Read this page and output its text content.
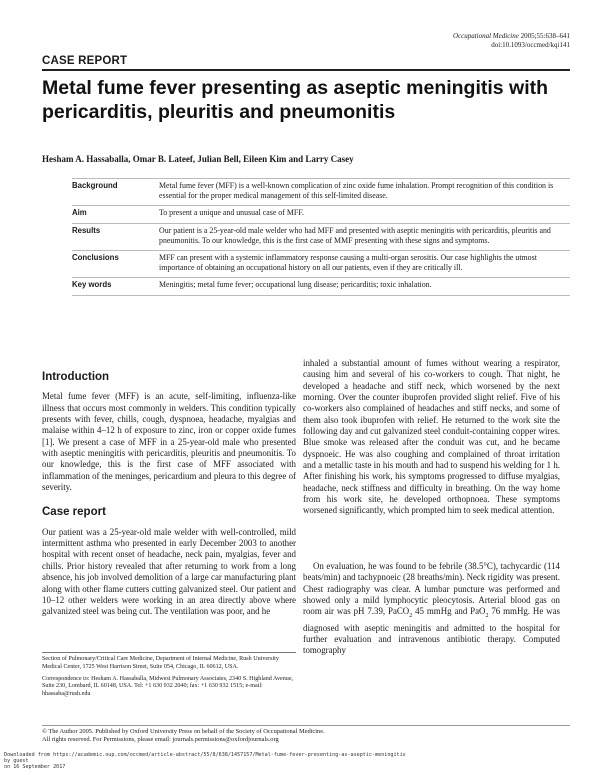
Occupational Medicine 2005;55:638–641
doi:10.1093/occmed/kqi141
CASE REPORT
Metal fume fever presenting as aseptic meningitis with pericarditis, pleuritis and pneumonitis
Hesham A. Hassaballa, Omar B. Lateef, Julian Bell, Eileen Kim and Larry Casey
Background	Metal fume fever (MFF) is a well-known complication of zinc oxide fume inhalation. Prompt recognition of this condition is essential for the proper medical management of this self-limited disease.
Aim	To present a unique and unusual case of MFF.
Results	Our patient is a 25-year-old male welder who had MFF and presented with aseptic meningitis with pericarditis, pleuritis and pneumonitis. To our knowledge, this is the first case of MMF presenting with these signs and symptoms.
Conclusions	MFF can present with a systemic inflammatory response causing a multi-organ serositis. Our case highlights the utmost importance of obtaining an occupational history on all our patients, even if they are critically ill.
Key words	Meningitis; metal fume fever; occupational lung disease; pericarditis; toxic inhalation.
Introduction

Metal fume fever (MFF) is an acute, self-limiting, influenza-like illness that occurs most commonly in welders. This condition typically presents with fever, chills, cough, dyspnoea, headache, myalgias and malaise within 4–12 h of exposure to zinc, iron or copper oxide fumes [1]. We present a case of MFF in a 25-year-old male who presented with aseptic meningitis with pericarditis, pleuritis and pneumonitis. To our knowledge, this is the first case of MFF associated with inflammation of the meninges, pericardium and pleura to this degree of severity.

Case report

Our patient was a 25-year-old male welder with well-controlled, mild intermittent asthma who presented in early December 2003 to another hospital with recent onset of headache, neck pain, myalgias, fever and chills. Prior history revealed that after returning to work from a long absence, his job involved demolition of a large car manufacturing plant along with other flame cutters cutting galvanized steel. Our patient and 10–12 other welders were working in an area directly above where galvanized steel was being cut. The ventilation was poor, and he

inhaled a substantial amount of fumes without wearing a respirator, causing him and several of his co-workers to cough. That night, he developed a headache and stiff neck, which worsened by the next morning. Over the counter ibuprofen provided slight relief. Five of his co-workers also complained of headaches and stiff necks, and some of them also took ibuprofen with relief. He returned to the work site the following day and cut galvanized steel conduit-containing copper wires. Blue smoke was released after the conduit was cut, and he became dyspnoeic. He was also coughing and complained of throat irritation and a metallic taste in his mouth and had to suspend his welding for 1 h. After finishing his work, his symptoms progressed to diffuse myalgias, headache, neck stiffness and difficulty in breathing. On the way home from his work site, he developed orthopnoea. These symptoms worsened significantly, which prompted him to seek medical attention.

On evaluation, he was found to be febrile (38.5°C), tachycardic (114 beats/min) and tachypnoeic (28 breaths/min). Neck rigidity was present. Chest radiography was clear. A lumbar puncture was performed and showed only a mild lymphocytic pleocytosis. Arterial blood gas on room air was pH 7.39, PaCO$_2$ 45 mmHg and PaO$_2$ 76 mmHg. He was diagnosed with aseptic meningitis and admitted to the hospital for further evaluation and intravenous antibiotic therapy. Computed tomography

Section of Pulmonary/Critical Care Medicine, Department of Internal Medicine, Rush University Medical Center, 1725 West Harrison Street, Suite 054, Chicago, IL 60612, USA.

Correspondence to: Hesham A. Hassaballa, Midwest Pulmonary Associates, 2340 S. Highland Avenue, Suite 230, Lombard, IL 60148, USA. Tel: +1 630 932 2040; fax: +1 630 932 1515; e-mail: hhassaba@rush.edu

© The Author 2005. Published by Oxford University Press on behalf of the Society of Occupational Medicine.
All rights reserved. For Permissions, please email: journals.permissions@oxfordjournals.org
Downloaded from https://academic.oup.com/occmed/article-abstract/55/8/638/1457157/Metal-fume-fever-presenting-as-aseptic-meningitis
by guest
on 16 September 2017
